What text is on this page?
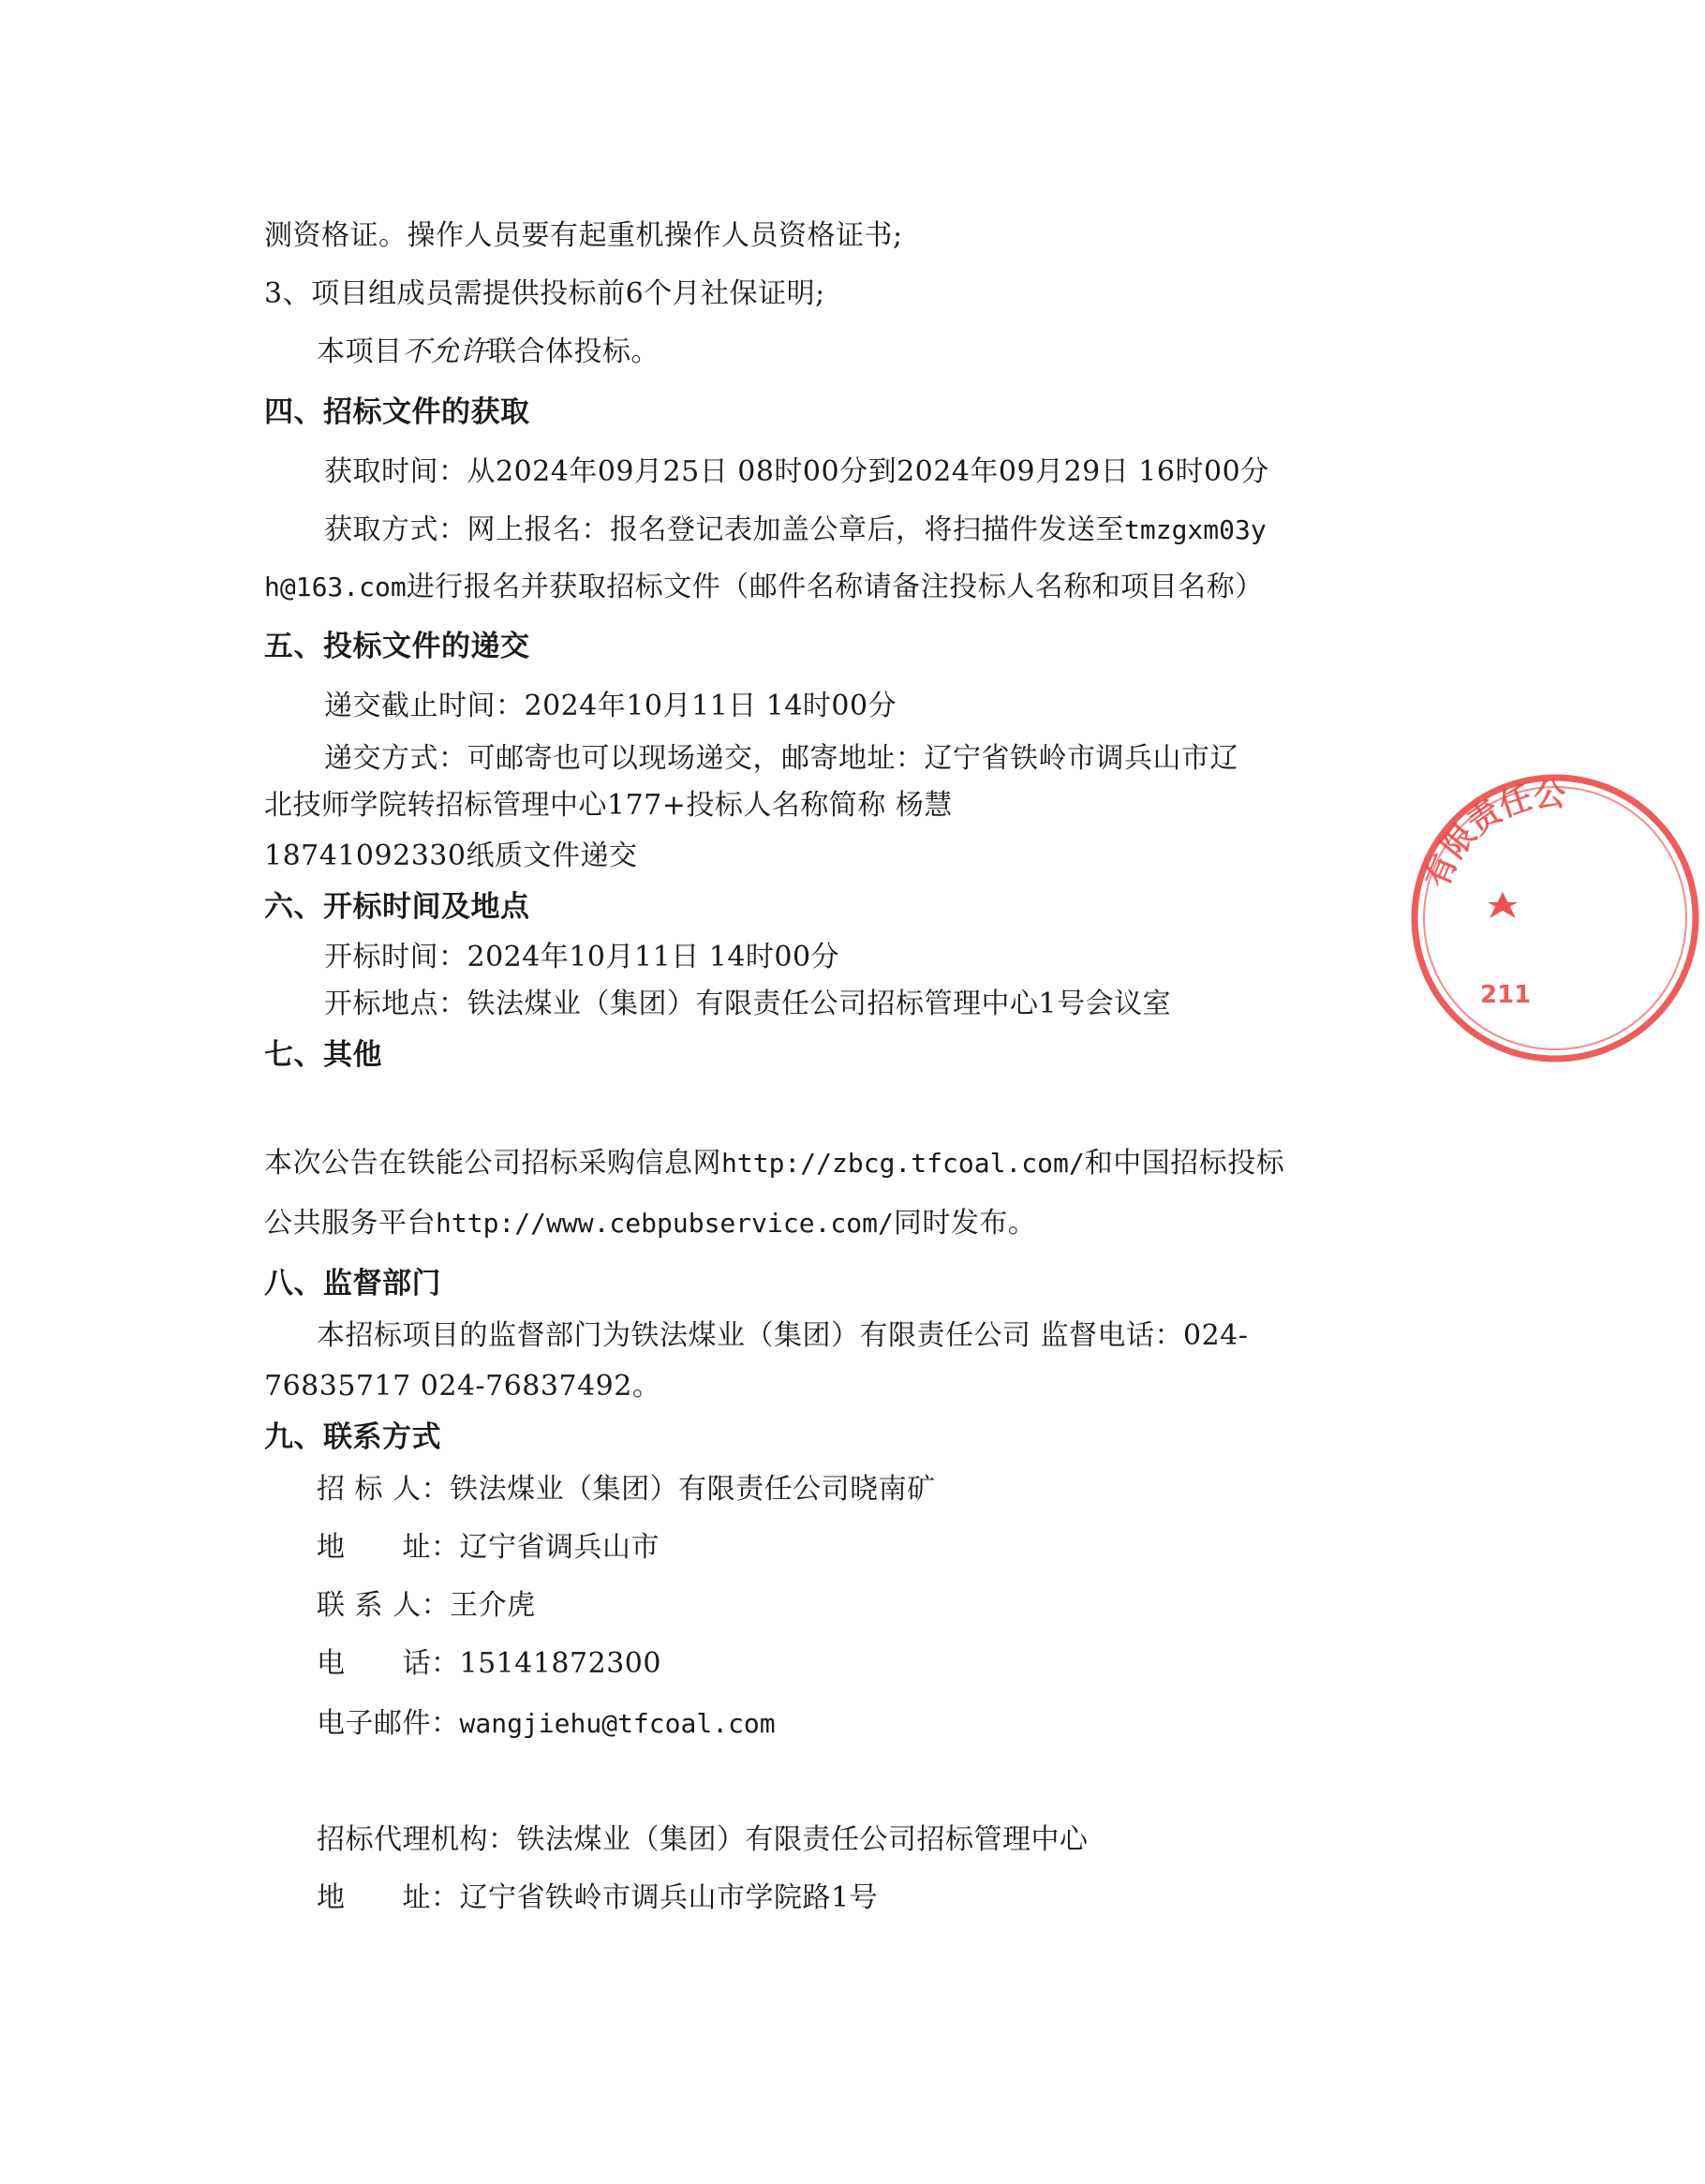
测资格证。操作人员要有起重机操作人员资格证书;
3、项目组成员需提供投标前6个月社保证明;
本项目不允许联合体投标。
四、招标文件的获取
获取时间：从2024年09月25日 08时00分到2024年09月29日 16时00分
获取方式：网上报名：报名登记表加盖公章后，将扫描件发送至tmzgxm03y
h@163.com进行报名并获取招标文件（邮件名称请备注投标人名称和项目名称）
五、投标文件的递交
递交截止时间：2024年10月11日 14时00分
递交方式：可邮寄也可以现场递交，邮寄地址：辽宁省铁岭市调兵山市辽
北技师学院转招标管理中心177+投标人名称简称 杨慧
18741092330纸质文件递交
六、开标时间及地点
开标时间：2024年10月11日 14时00分
开标地点：铁法煤业（集团）有限责任公司招标管理中心1号会议室
七、其他
本次公告在铁能公司招标采购信息网http://zbcg.tfcoal.com/和中国招标投标
公共服务平台http://www.cebpubservice.com/同时发布。
八、监督部门
本招标项目的监督部门为铁法煤业（集团）有限责任公司 监督电话：024-
76835717 024-76837492。
九、联系方式
招 标 人：铁法煤业（集团）有限责任公司晓南矿
地　　址：辽宁省调兵山市
联 系 人：王介虎
电　　话：15141872300
电子邮件：wangjiehu@tfcoal.com
招标代理机构：铁法煤业（集团）有限责任公司招标管理中心
地　　址：辽宁省铁岭市调兵山市学院路1号
有限责任公
211
